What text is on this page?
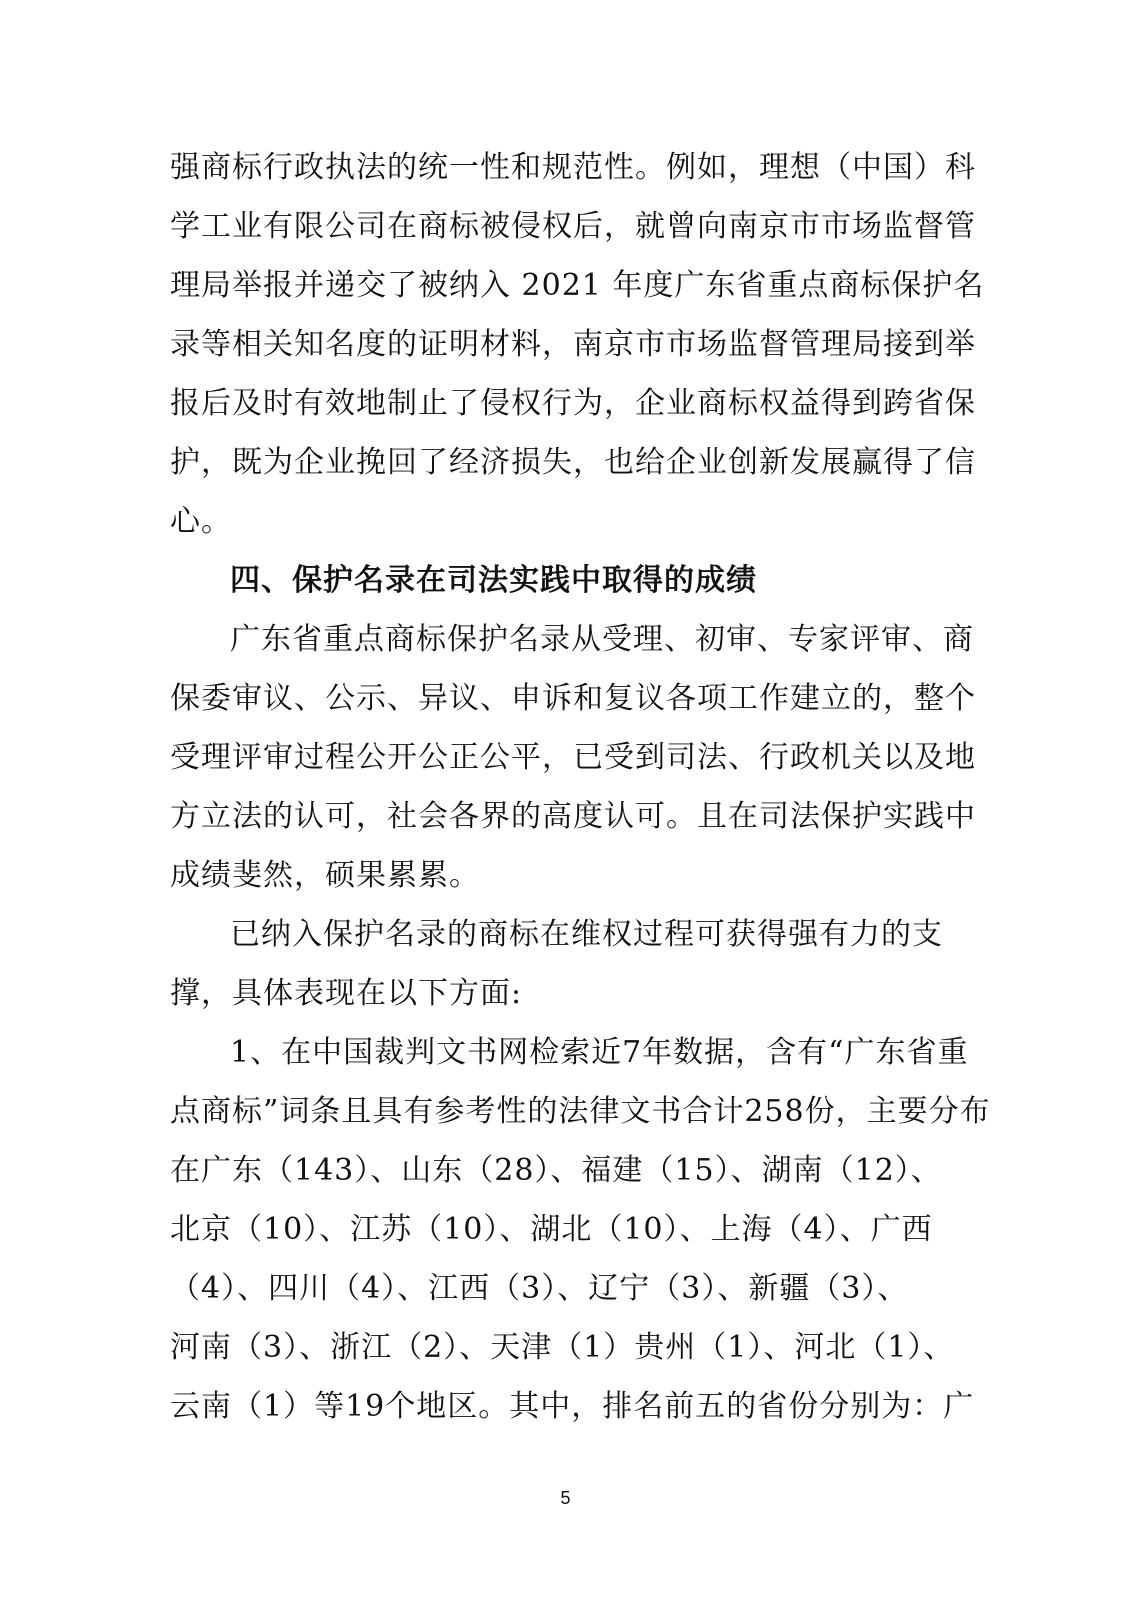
强商标行政执法的统一性和规范性。例如，理想（中国）科
学工业有限公司在商标被侵权后，就曾向南京市市场监督管
理局举报并递交了被纳入 2021 年度广东省重点商标保护名
录等相关知名度的证明材料，南京市市场监督管理局接到举
报后及时有效地制止了侵权行为，企业商标权益得到跨省保
护，既为企业挽回了经济损失，也给企业创新发展赢得了信
心。
四、保护名录在司法实践中取得的成绩
广东省重点商标保护名录从受理、初审、专家评审、商
保委审议、公示、异议、申诉和复议各项工作建立的，整个
受理评审过程公开公正公平，已受到司法、行政机关以及地
方立法的认可，社会各界的高度认可。且在司法保护实践中
成绩斐然，硕果累累。
已纳入保护名录的商标在维权过程可获得强有力的支
撑，具体表现在以下方面:
1、在中国裁判文书网检索近7年数据，含有“广东省重
点商标”词条且具有参考性的法律文书合计258份，主要分布
在广东（143）、山东（28）、福建（15）、湖南（12）、
北京（10）、江苏（10）、湖北（10）、上海（4）、广西
（4）、四川（4）、江西（3）、辽宁（3）、新疆（3）、
河南（3）、浙江（2）、天津（1）贵州（1）、河北（1）、
云南（1）等19个地区。其中，排名前五的省份分别为：广
5
